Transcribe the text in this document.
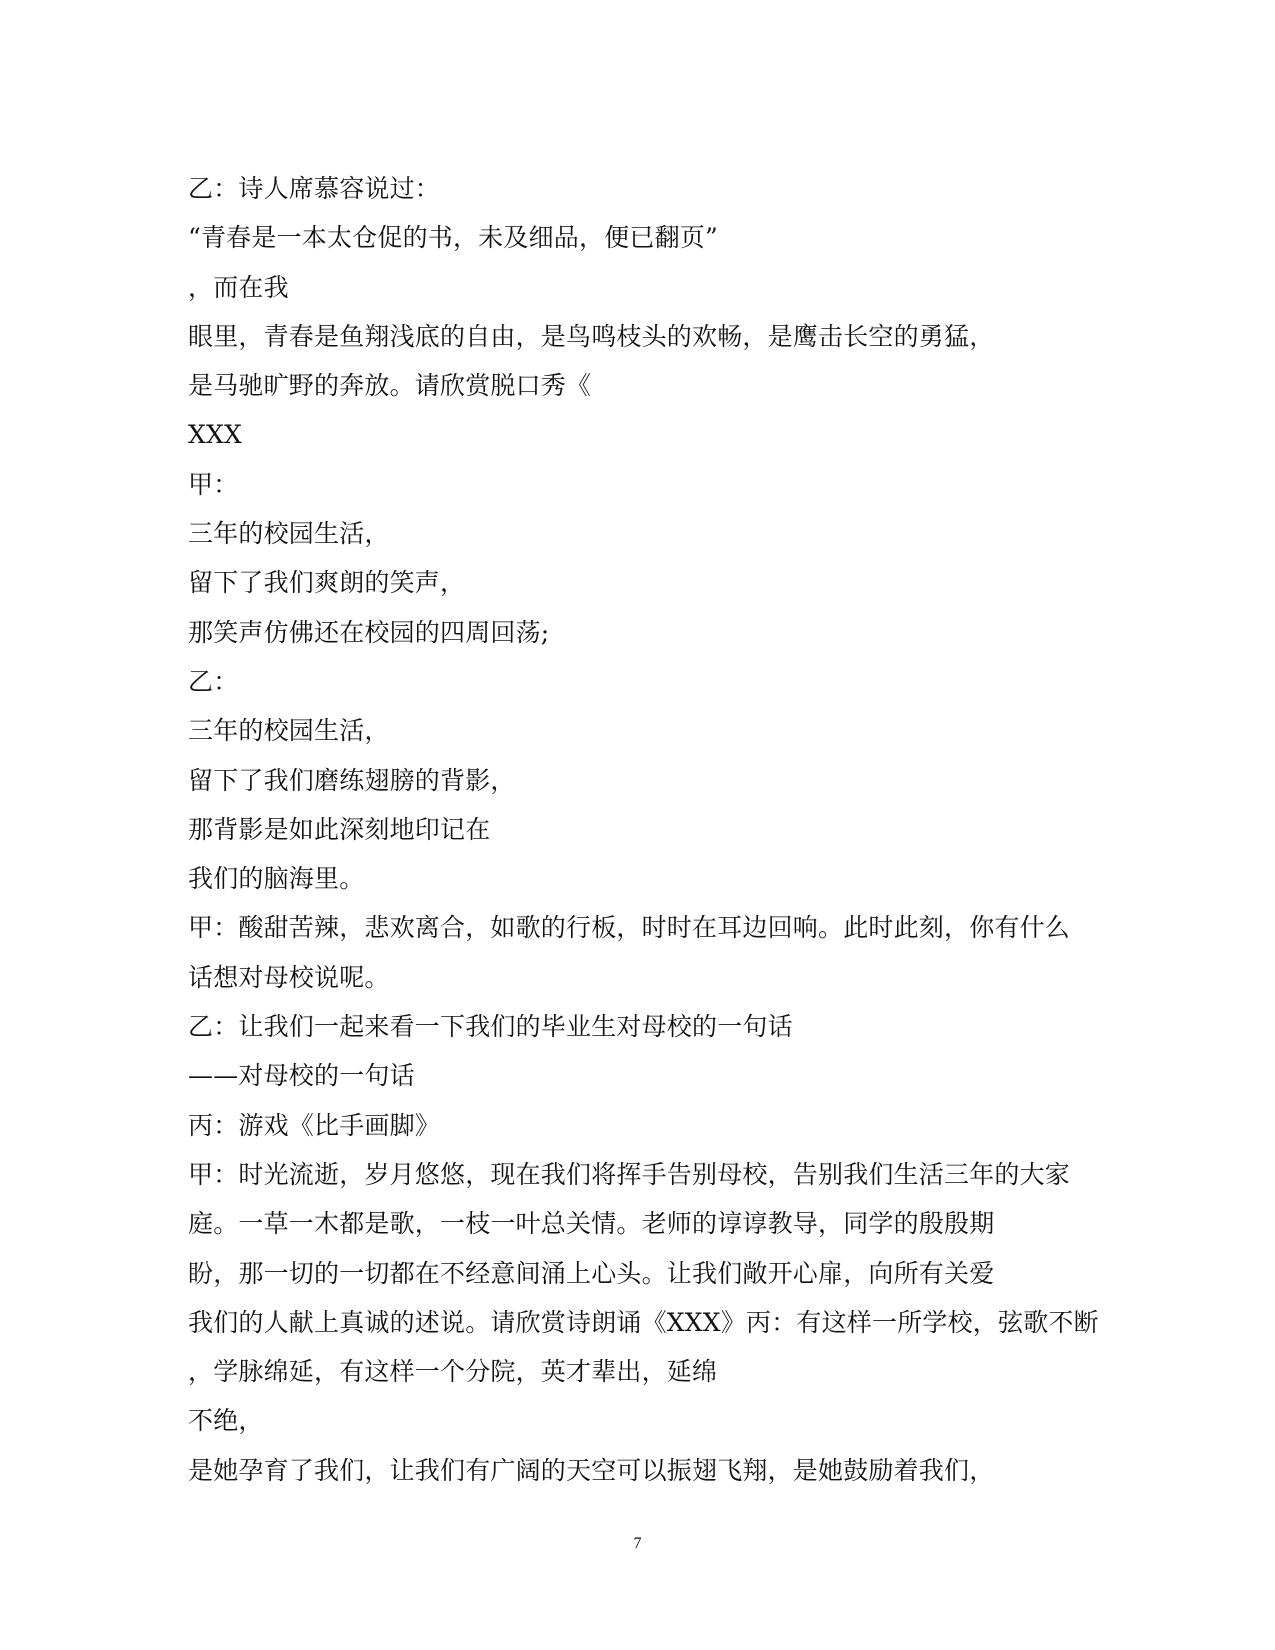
乙：诗人席慕容说过：
“青春是一本太仓促的书，未及细品，便已翻页”
，而在我
眼里，青春是鱼翔浅底的自由，是鸟鸣枝头的欢畅，是鹰击长空的勇猛，
是马驰旷野的奔放。请欣赏脱口秀《
XXX
甲：
三年的校园生活，
留下了我们爽朗的笑声，
那笑声仿佛还在校园的四周回荡;
乙：
三年的校园生活，
留下了我们磨练翅膀的背影，
那背影是如此深刻地印记在
我们的脑海里。
甲：酸甜苦辣，悲欢离合，如歌的行板，时时在耳边回响。此时此刻，你有什么
话想对母校说呢。
乙：让我们一起来看一下我们的毕业生对母校的一句话
——对母校的一句话
丙：游戏《比手画脚》
甲：时光流逝，岁月悠悠，现在我们将挥手告别母校，告别我们生活三年的大家
庭。一草一木都是歌，一枝一叶总关情。老师的谆谆教导，同学的殷殷期
盼，那一切的一切都在不经意间涌上心头。让我们敞开心扉，向所有关爱
我们的人献上真诚的述说。请欣赏诗朗诵《XXX》丙：有这样一所学校，弦歌不断
，学脉绵延，有这样一个分院，英才辈出，延绵
不绝，
是她孕育了我们，让我们有广阔的天空可以振翅飞翔，是她鼓励着我们，
7
